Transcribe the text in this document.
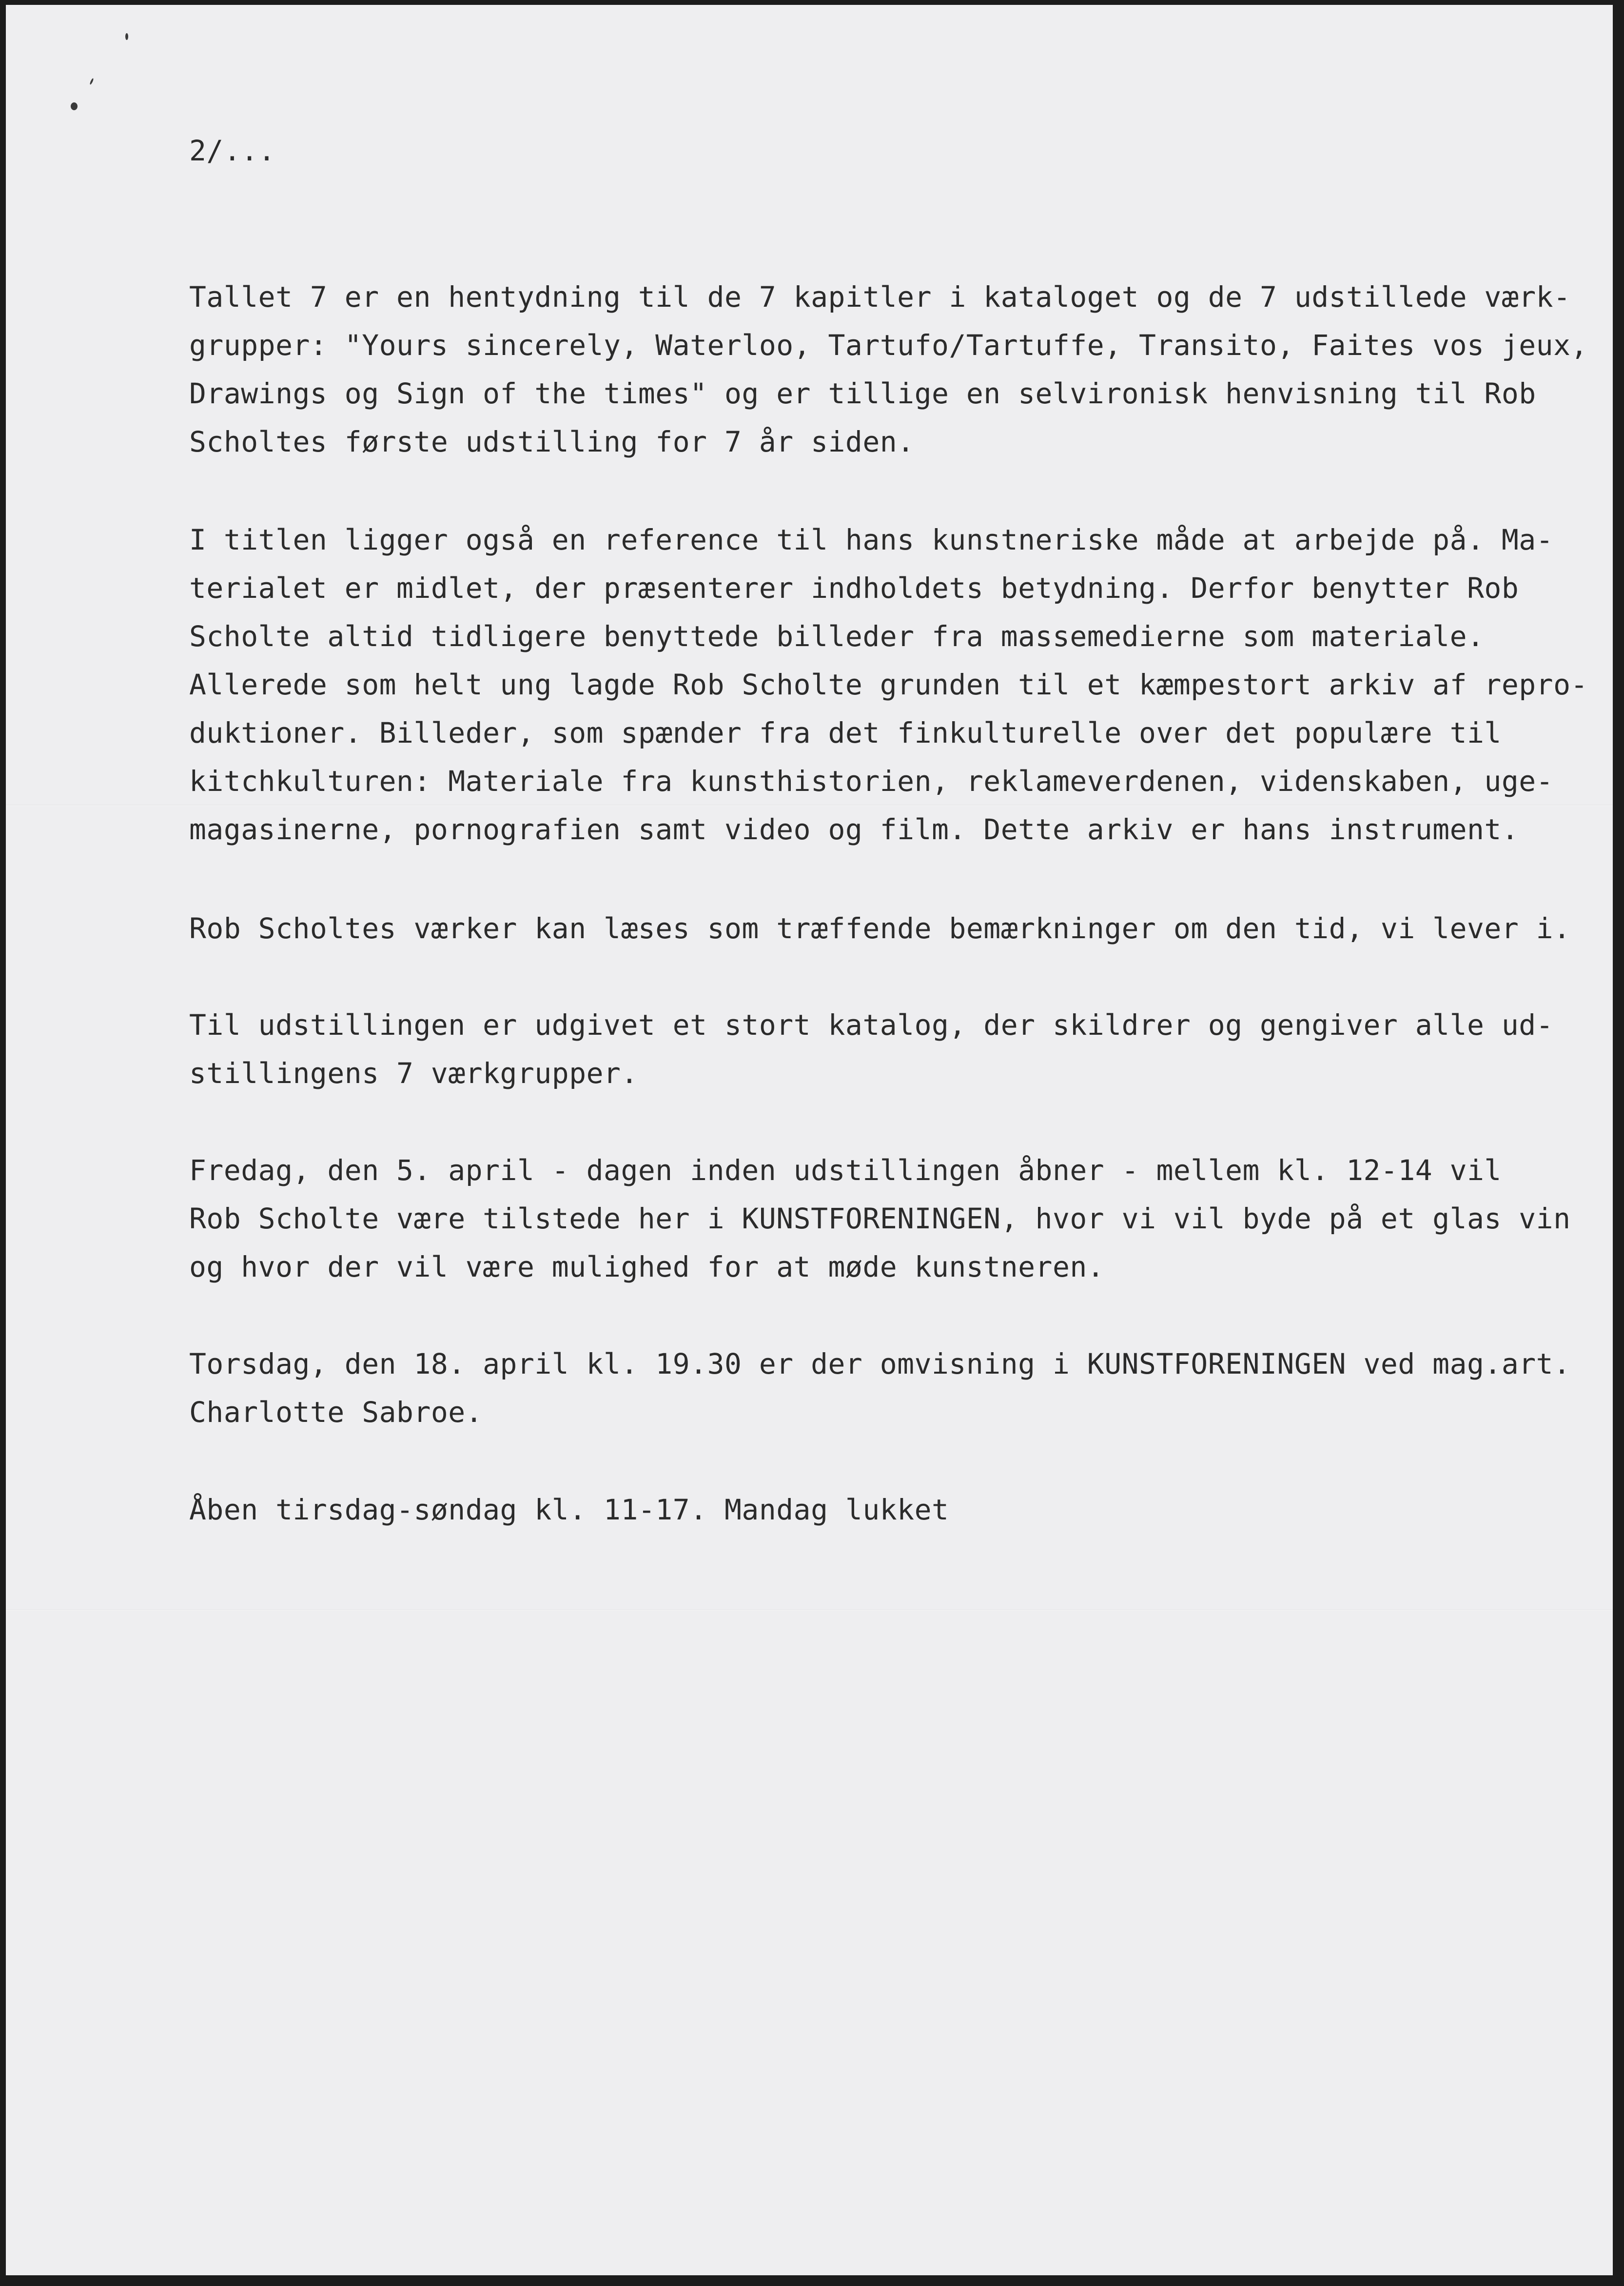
2/...

Tallet 7 er en hentydning til de 7 kapitler i kataloget og de 7 udstillede værk-
grupper: "Yours sincerely, Waterloo, Tartufo/Tartuffe, Transito, Faites vos jeux,
Drawings og Sign of the times" og er tillige en selvironisk henvisning til Rob
Scholtes første udstilling for 7 år siden.

I titlen ligger også en reference til hans kunstneriske måde at arbejde på. Ma-
terialet er midlet, der præsenterer indholdets betydning. Derfor benytter Rob
Scholte altid tidligere benyttede billeder fra massemedierne som materiale.
Allerede som helt ung lagde Rob Scholte grunden til et kæmpestort arkiv af repro-
duktioner. Billeder, som spænder fra det finkulturelle over det populære til
kitchkulturen: Materiale fra kunsthistorien, reklameverdenen, videnskaben, uge-
magasinerne, pornografien samt video og film. Dette arkiv er hans instrument.

Rob Scholtes værker kan læses som træffende bemærkninger om den tid, vi lever i.

Til udstillingen er udgivet et stort katalog, der skildrer og gengiver alle ud-
stillingens 7 værkgrupper.

Fredag, den 5. april - dagen inden udstillingen åbner - mellem kl. 12-14 vil
Rob Scholte være tilstede her i KUNSTFORENINGEN, hvor vi vil byde på et glas vin
og hvor der vil være mulighed for at møde kunstneren.

Torsdag, den 18. april kl. 19.30 er der omvisning i KUNSTFORENINGEN ved mag.art.
Charlotte Sabroe.

Åben tirsdag-søndag kl. 11-17. Mandag lukket
